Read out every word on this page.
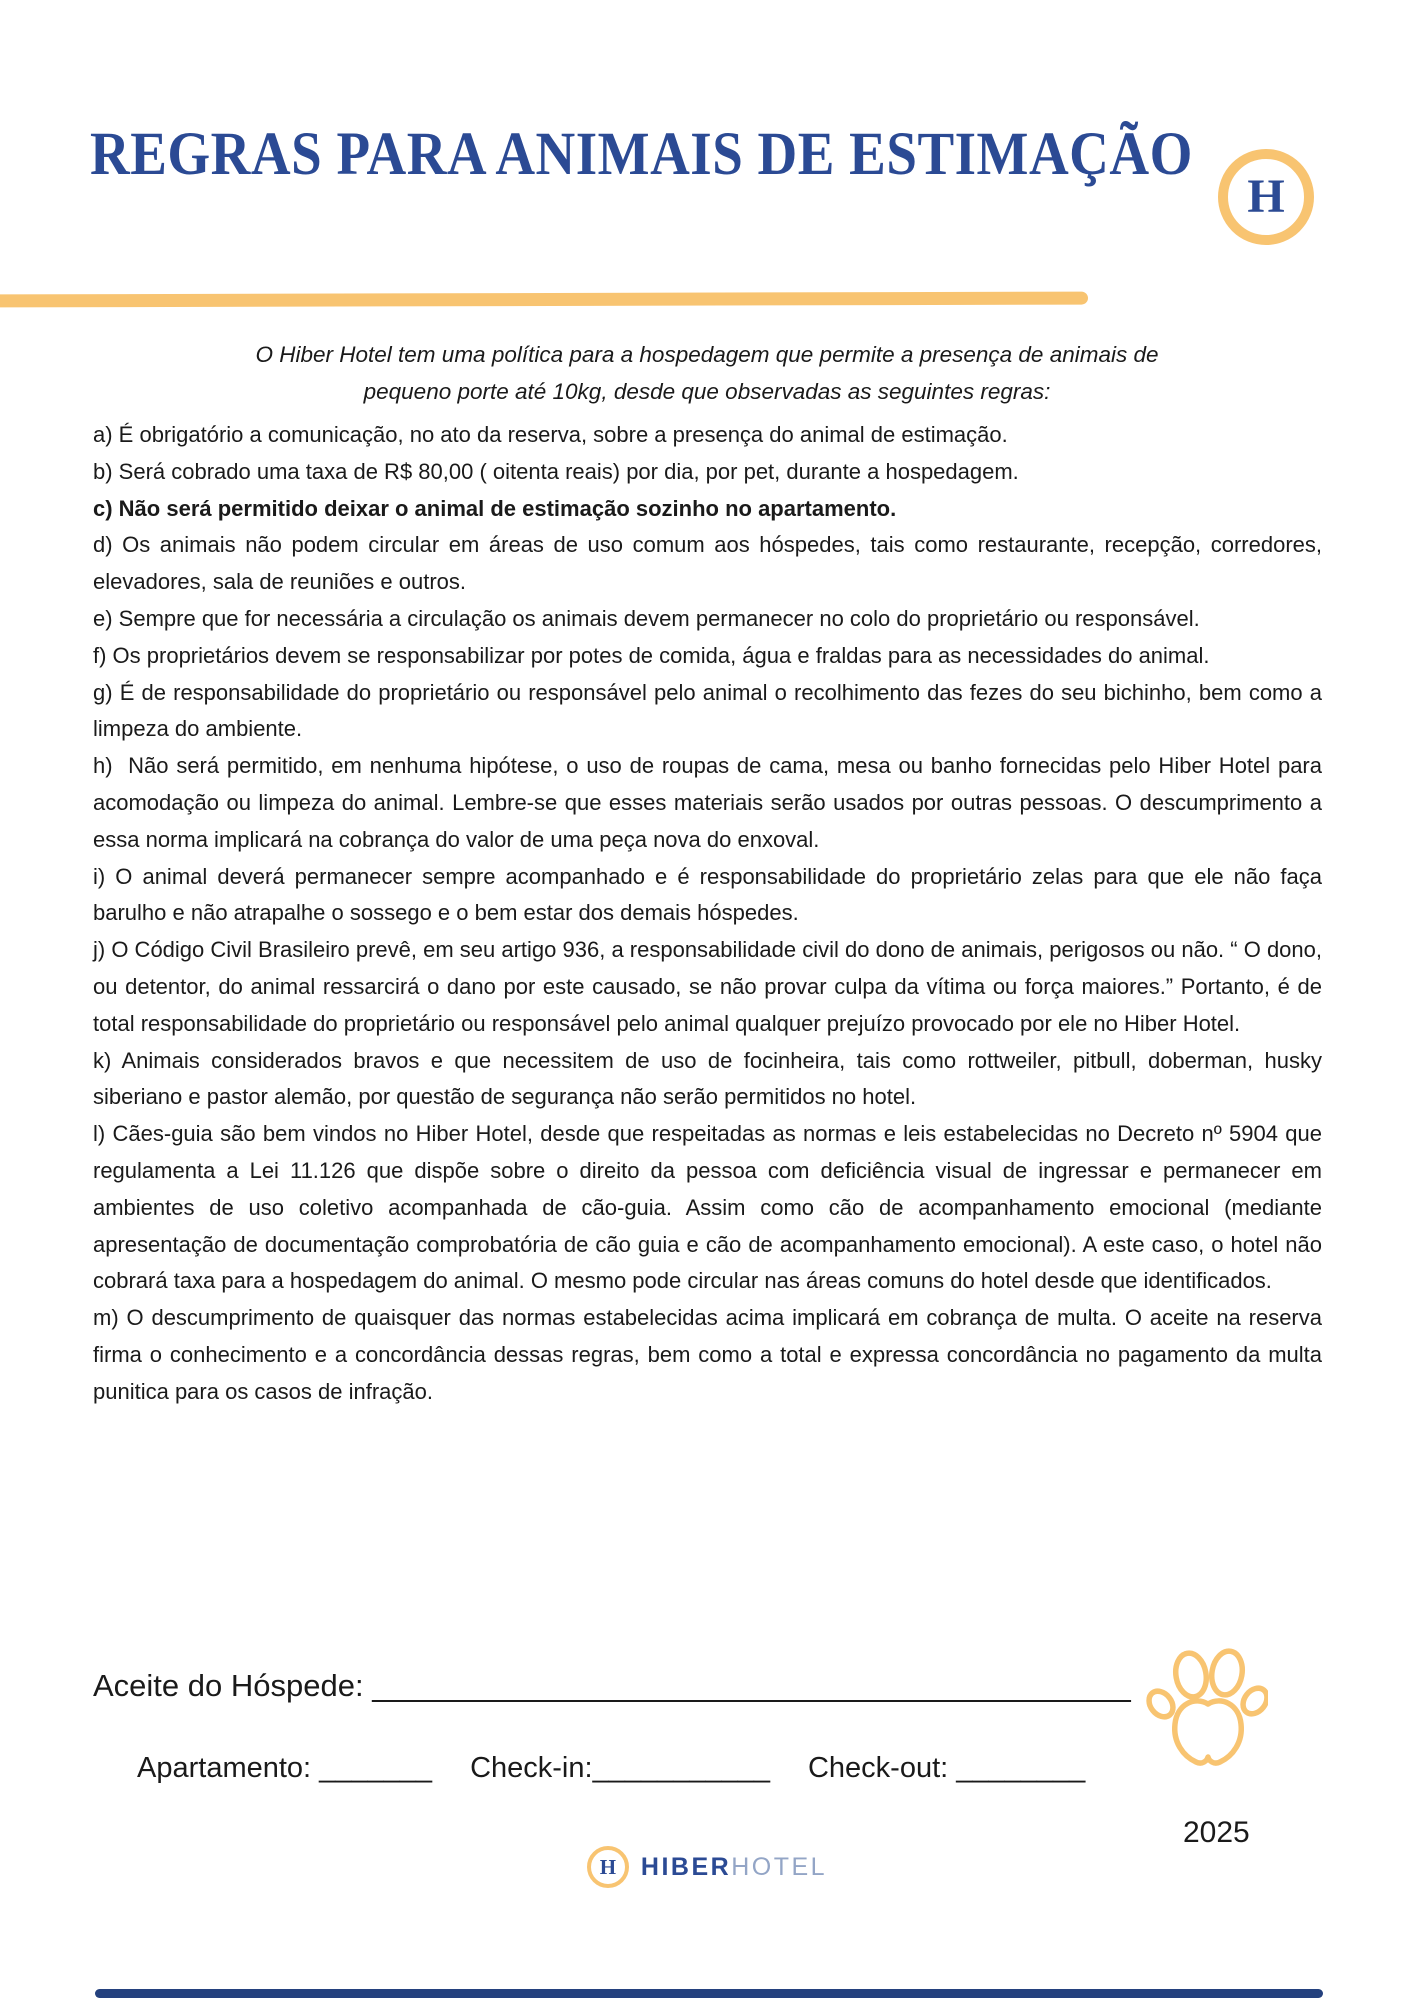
REGRAS PARA ANIMAIS DE ESTIMAÇÃO
H

O Hiber Hotel tem uma política para a hospedagem que permite a presença de animais de
pequeno porte até 10kg, desde que observadas as seguintes regras:

a) É obrigatório a comunicação, no ato da reserva, sobre a presença do animal de estimação.

b) Será cobrado uma taxa de R$ 80,00 ( oitenta reais) por dia, por pet, durante a hospedagem.

c) Não será permitido deixar o animal de estimação sozinho no apartamento.

d) Os animais não podem circular em áreas de uso comum aos hóspedes, tais como restaurante, recepção, corredores, elevadores, sala de reuniões e outros.

e) Sempre que for necessária a circulação os animais devem permanecer no colo do proprietário ou responsável.

f) Os proprietários devem se responsabilizar por potes de comida, água e fraldas para as necessidades do animal.

g) É de responsabilidade do proprietário ou responsável pelo animal o recolhimento das fezes do seu bichinho, bem como a limpeza do ambiente.

h)  Não será permitido, em nenhuma hipótese, o uso de roupas de cama, mesa ou banho fornecidas pelo Hiber Hotel para acomodação ou limpeza do animal. Lembre-se que esses materiais serão usados por outras pessoas. O descumprimento a essa norma implicará na cobrança do valor de uma peça nova do enxoval.

i) O animal deverá permanecer sempre acompanhado e é responsabilidade do proprietário zelas para que ele não faça barulho e não atrapalhe o sossego e o bem estar dos demais hóspedes.

j) O Código Civil Brasileiro prevê, em seu artigo 936, a responsabilidade civil do dono de animais, perigosos ou não. “ O dono, ou detentor, do animal ressarcirá o dano por este causado, se não provar culpa da vítima ou força maiores.” Portanto, é de total responsabilidade do proprietário ou responsável pelo animal qualquer prejuízo provocado por ele no Hiber Hotel.

k) Animais considerados bravos e que necessitem de uso de focinheira, tais como rottweiler, pitbull, doberman, husky siberiano e pastor alemão, por questão de segurança não serão permitidos no hotel.

l) Cães-guia são bem vindos no Hiber Hotel, desde que respeitadas as normas e leis estabelecidas no Decreto nº 5904 que regulamenta a Lei 11.126 que dispõe sobre o direito da pessoa com deficiência visual de ingressar e permanecer em ambientes de uso coletivo acompanhada de cão-guia. Assim como cão de acompanhamento emocional (mediante apresentação de documentação comprobatória de cão guia e cão de acompanhamento emocional). A este caso, o hotel não cobrará taxa para a hospedagem do animal. O mesmo pode circular nas áreas comuns do hotel desde que identificados.

m) O descumprimento de quaisquer das normas estabelecidas acima implicará em cobrança de multa. O aceite na reserva firma o conhecimento e a concordância dessas regras, bem como a total e expressa concordância no pagamento da multa punitica para os casos de infração.

Aceite do Hóspede: ____________________________________________
Apartamento: _______ Check-in:___________ Check-out: ________
H HIBERHOTEL
2025
